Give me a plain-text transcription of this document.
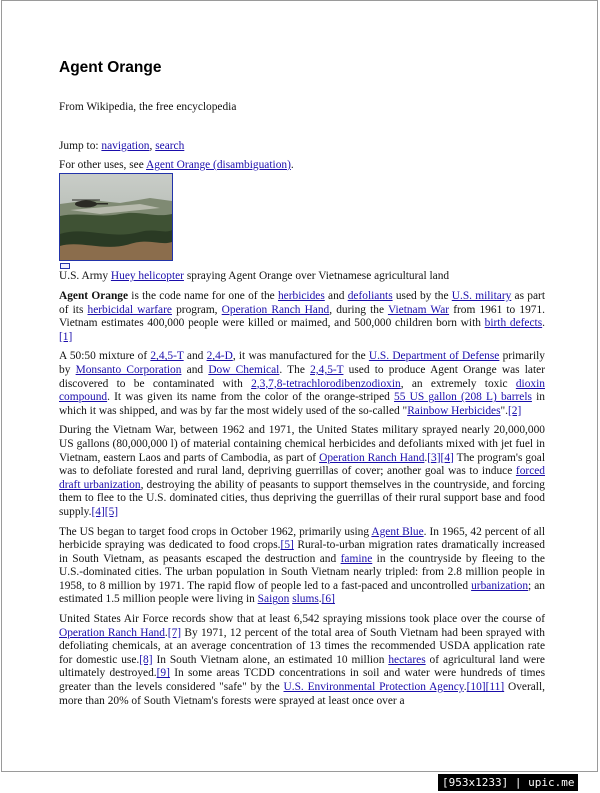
Agent Orange
From Wikipedia, the free encyclopedia
Jump to: navigation, search
For other uses, see Agent Orange (disambiguation).
U.S. Army Huey helicopter spraying Agent Orange over Vietnamese agricultural land

Agent Orange is the code name for one of the herbicides and defoliants used by the U.S. military as part of its herbicidal warfare program, Operation Ranch Hand, during the Vietnam War from 1961 to 1971. Vietnam estimates 400,000 people were killed or maimed, and 500,000 children born with birth defects.[1]

A 50:50 mixture of 2,4,5-T and 2,4-D, it was manufactured for the U.S. Department of Defense primarily by Monsanto Corporation and Dow Chemical. The 2,4,5-T used to produce Agent Orange was later discovered to be contaminated with 2,3,7,8-tetrachlorodibenzodioxin, an extremely toxic dioxin compound. It was given its name from the color of the orange-striped 55 US gallon (208 L) barrels in which it was shipped, and was by far the most widely used of the so-called "Rainbow Herbicides".[2]

During the Vietnam War, between 1962 and 1971, the United States military sprayed nearly 20,000,000 US gallons (80,000,000 l) of material containing chemical herbicides and defoliants mixed with jet fuel in Vietnam, eastern Laos and parts of Cambodia, as part of Operation Ranch Hand.[3][4] The program's goal was to defoliate forested and rural land, depriving guerrillas of cover; another goal was to induce forced draft urbanization, destroying the ability of peasants to support themselves in the countryside, and forcing them to flee to the U.S. dominated cities, thus depriving the guerrillas of their rural support base and food supply.[4][5]

The US began to target food crops in October 1962, primarily using Agent Blue. In 1965, 42 percent of all herbicide spraying was dedicated to food crops.[5] Rural-to-urban migration rates dramatically increased in South Vietnam, as peasants escaped the destruction and famine in the countryside by fleeing to the U.S.-dominated cities. The urban population in South Vietnam nearly tripled: from 2.8 million people in 1958, to 8 million by 1971. The rapid flow of people led to a fast-paced and uncontrolled urbanization; an estimated 1.5 million people were living in Saigon slums.[6]

United States Air Force records show that at least 6,542 spraying missions took place over the course of Operation Ranch Hand.[7] By 1971, 12 percent of the total area of South Vietnam had been sprayed with defoliating chemicals, at an average concentration of 13 times the recommended USDA application rate for domestic use.[8] In South Vietnam alone, an estimated 10 million hectares of agricultural land were ultimately destroyed.[9] In some areas TCDD concentrations in soil and water were hundreds of times greater than the levels considered "safe" by the U.S. Environmental Protection Agency.[10][11] Overall, more than 20% of South Vietnam's forests were sprayed at least once over a

[953x1233] | upic.me
